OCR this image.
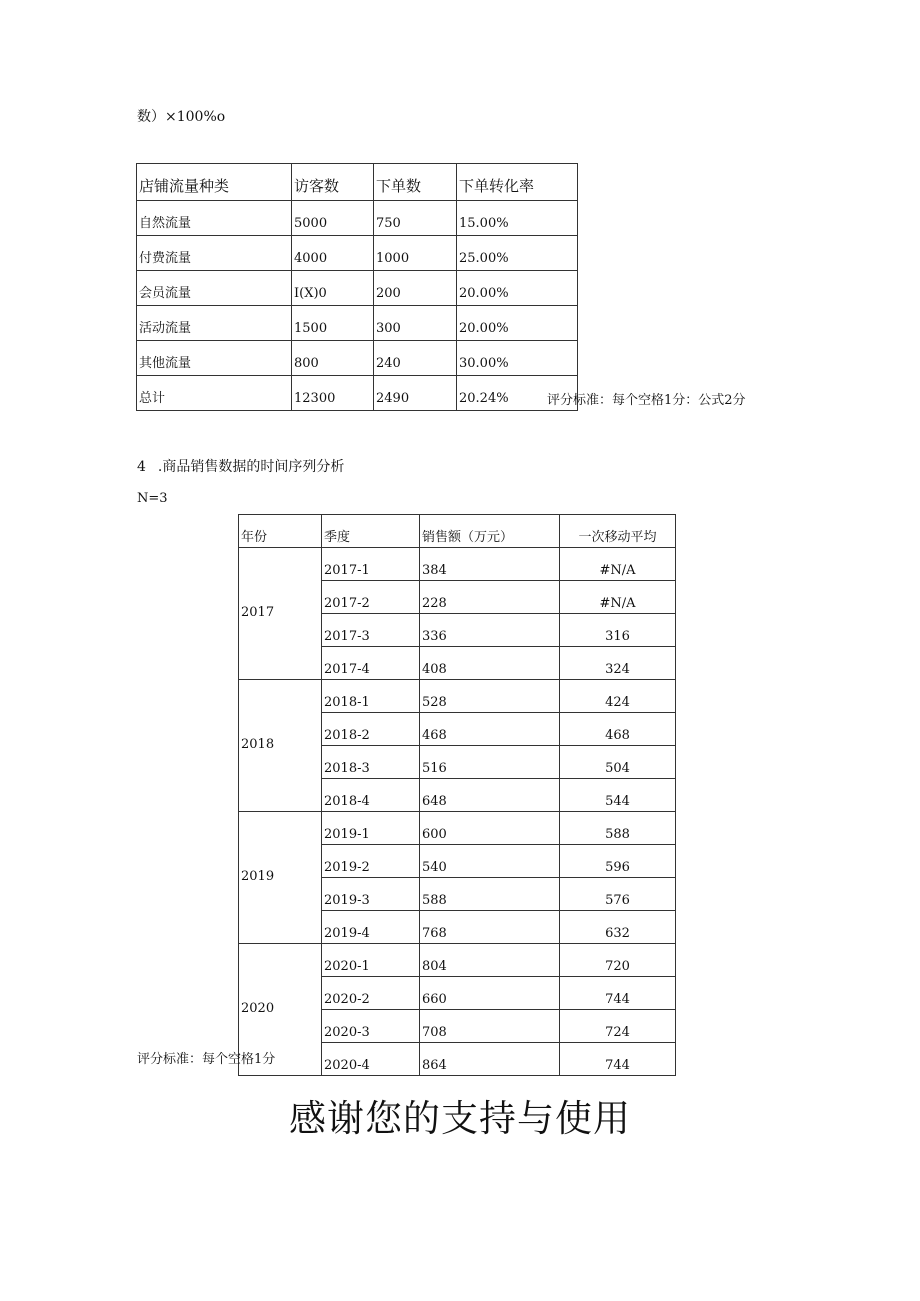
数）×100%o
店铺流量种类	访客数	下单数	下单转化率
自然流量	5000	750	15.00%
付费流量	4000	1000	25.00%
会员流量	I(X)0	200	20.00%
活动流量	1500	300	20.00%
其他流量	800	240	30.00%
总计	12300	2490	20.24%	评分标准：每个空格1分：公式2分
4 .商品销售数据的时间序列分析
N=3
年份	季度	销售额（万元）	一次移动平均
2017	2017-1	384	#N/A
	2017-2	228	#N/A
	2017-3	336	316
	2017-4	408	324
2018	2018-1	528	424
	2018-2	468	468
	2018-3	516	504
	2018-4	648	544
2019	2019-1	600	588
	2019-2	540	596
	2019-3	588	576
	2019-4	768	632
2020	2020-1	804	720
	2020-2	660	744
	2020-3	708	724
	2020-4	864	744
评分标准：每个空格1分
感谢您的支持与使用
